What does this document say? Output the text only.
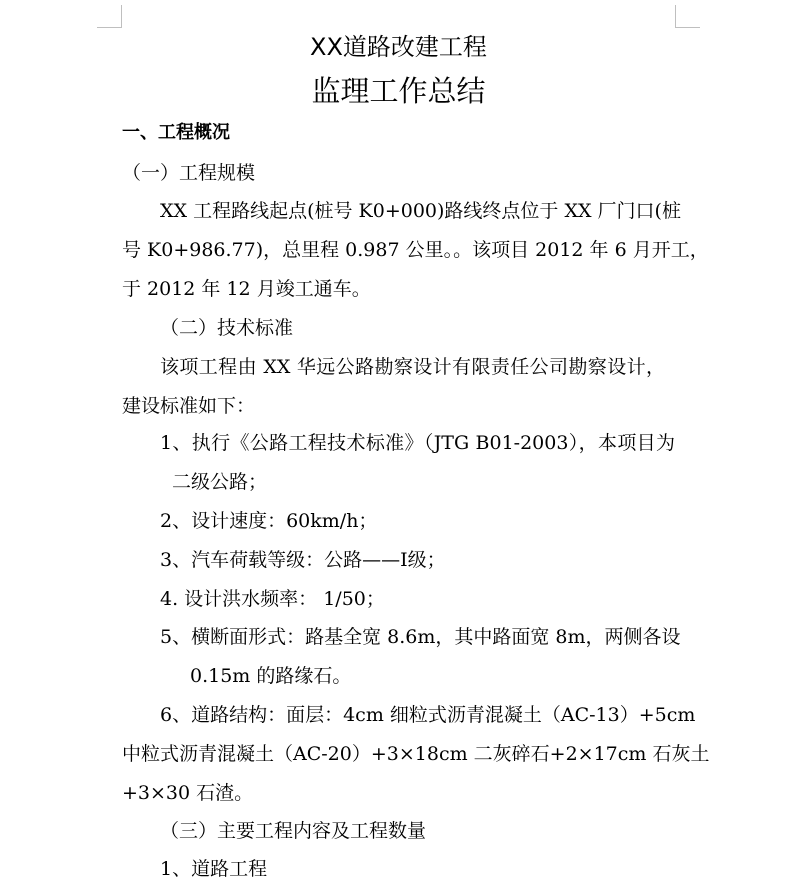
XX道路改建工程
监理工作总结
一、工程概况
（一）工程规模
XX 工程路线起点(桩号 K0+000)路线终点位于 XX 厂门口(桩
号 K0+986.77)，总里程 0.987 公里。。该项目 2012 年 6 月开工，
于 2012 年 12 月竣工通车。
（二）技术标准
该项工程由 XX 华远公路勘察设计有限责任公司勘察设计，
建设标准如下：
1、执行《公路工程技术标准》（JTG B01-2003），本项目为
二级公路；
2、设计速度：60km/h；
3、汽车荷载等级：公路——Ⅰ级；
4. 设计洪水频率： 1/50；
5、横断面形式：路基全宽 8.6m，其中路面宽 8m，两侧各设
0.15m 的路缘石。
6、道路结构：面层：4cm 细粒式沥青混凝土（AC-13）+5cm
中粒式沥青混凝土（AC-20）+3×18cm 二灰碎石+2×17cm 石灰土
+3×30 石渣。
（三）主要工程内容及工程数量
1、道路工程
